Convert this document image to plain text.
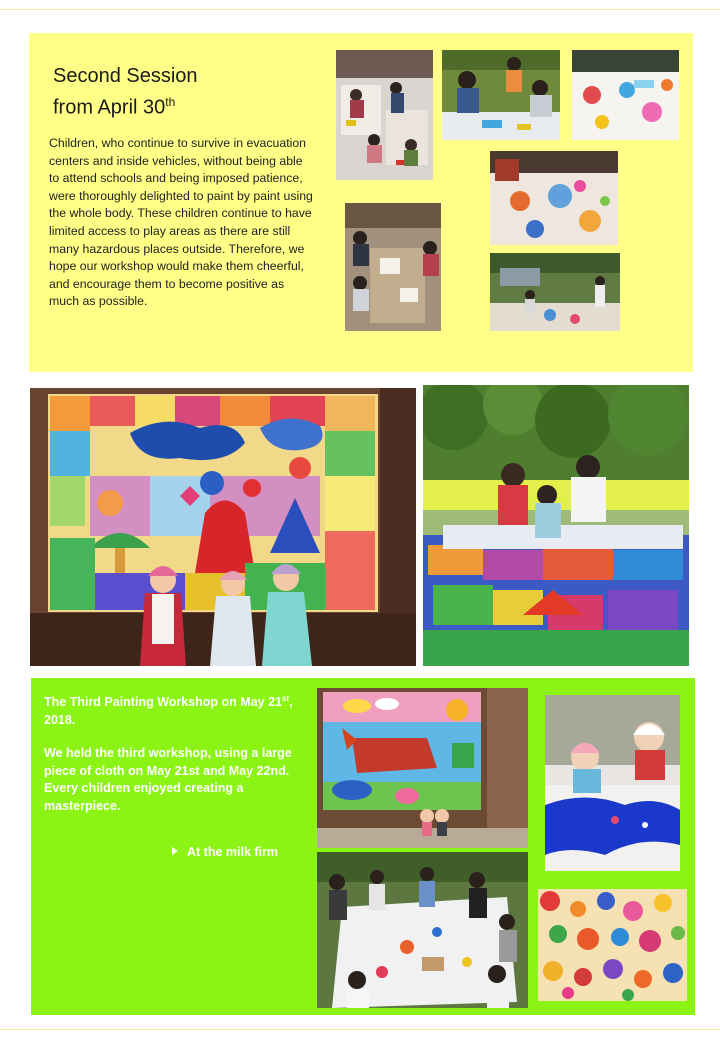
Second Session
from April 30th
Children, who continue to survive in evacuation centers and inside vehicles, without being able to attend schools and being imposed patience, were thoroughly delighted to paint by paint using the whole body. These children continue to have limited access to play areas as there are still many hazardous places outside. Therefore, we hope our workshop would make them cheerful, and encourage them to become positive as much as possible.

The Third Painting Workshop on May 21st, 2018.

We held the third workshop, using a large piece of cloth on May 21st and May 22nd. Every children enjoyed creating a masterpiece.

At the milk firm
